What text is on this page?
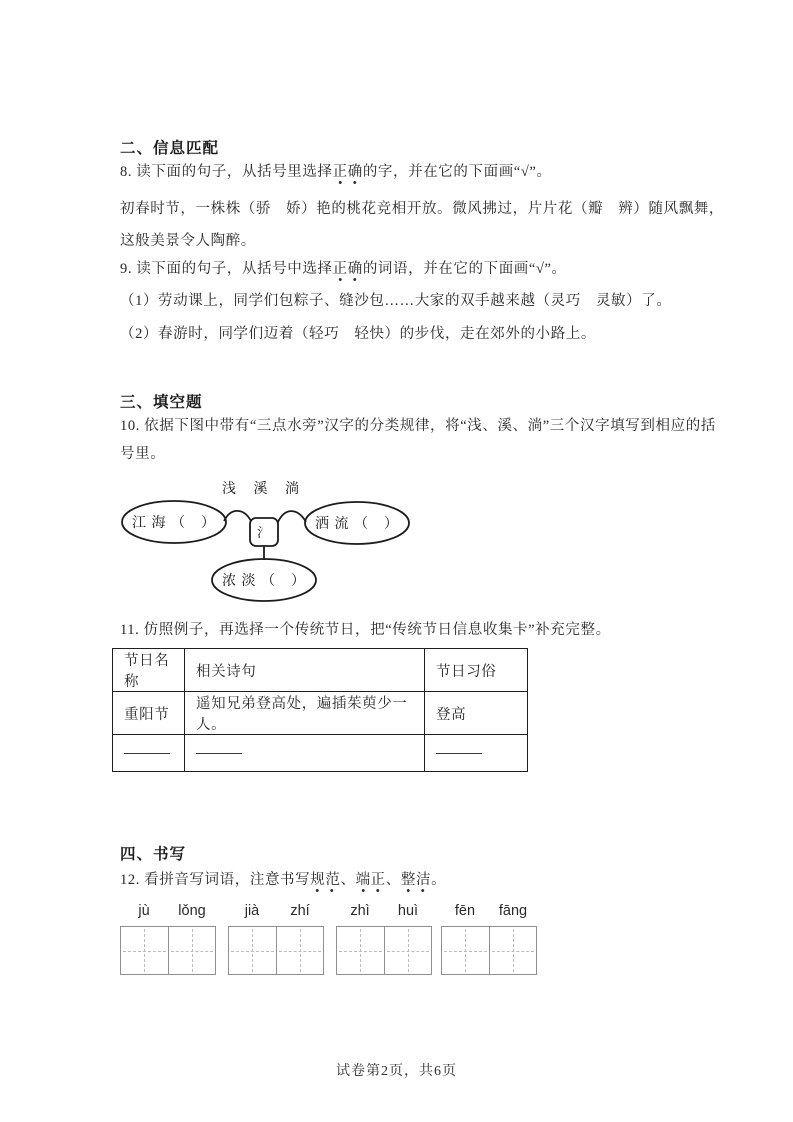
二、信息匹配
8. 读下面的句子，从括号里选择正确的字，并在它的下面画“√”。
初春时节，一株株（骄　娇）艳的桃花竞相开放。微风拂过，片片花（瓣　辨）随风飘舞，
这般美景令人陶醉。
9. 读下面的句子，从括号中选择正确的词语，并在它的下面画“√”。
（1）劳动课上，同学们包粽子、缝沙包……大家的双手越来越（灵巧　灵敏）了。
（2）春游时，同学们迈着（轻巧　轻快）的步伐，走在郊外的小路上。
三、填空题
10. 依据下图中带有“三点水旁”汉字的分类规律，将“浅、溪、淌”三个汉字填写到相应的括
号里。
浅 溪 淌
氵
江 海 （　）	洒 流 （　）
浓 淡 （　）
11. 仿照例子，再选择一个传统节日，把“传统节日信息收集卡”补充完整。
节日名称	相关诗句	节日习俗
重阳节	遥知兄弟登高处，遍插茱萸少一人。	登高

四、书写
12. 看拼音写词语，注意书写规范、端正、整洁。
jù	lǒng	jià	zhí	zhì	huì	fēn	fāng
试卷第2页，共6页
